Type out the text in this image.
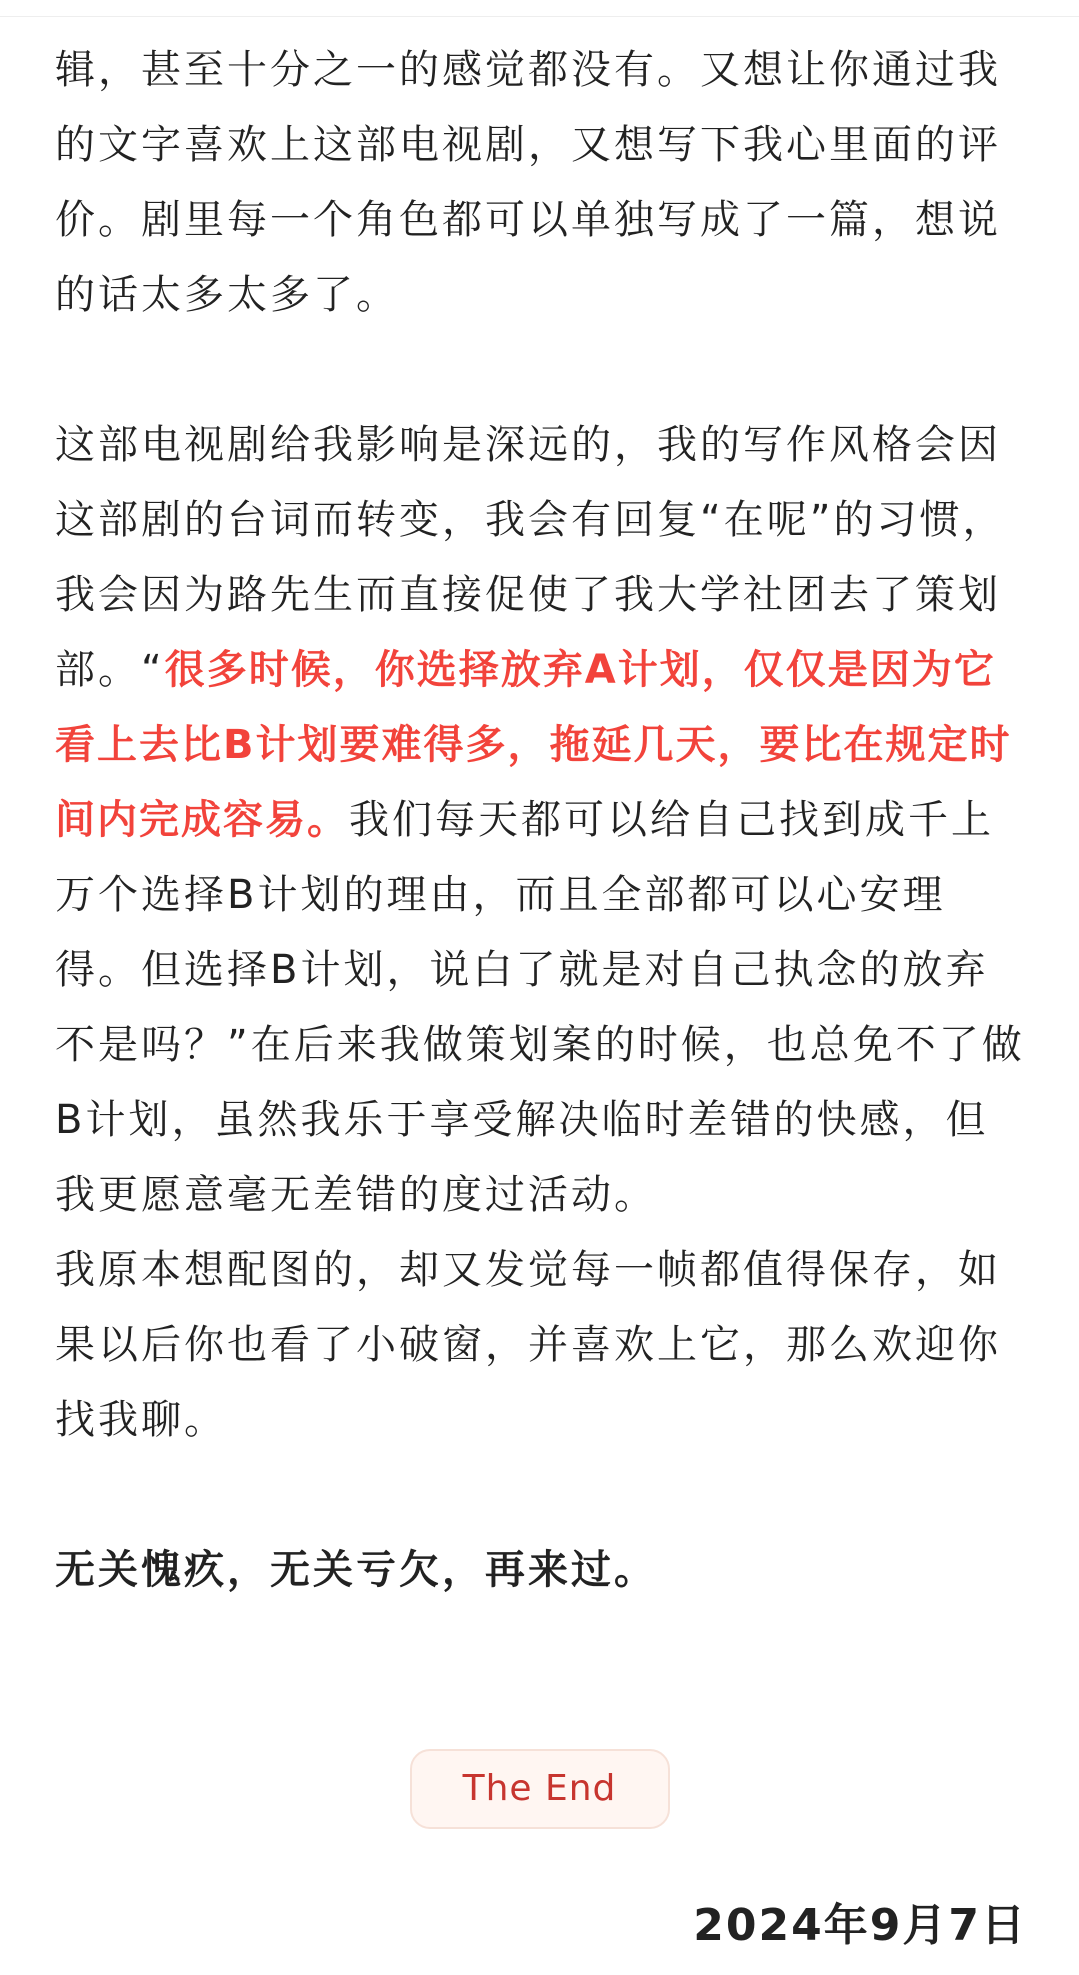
辑，甚至十分之一的感觉都没有。又想让你通过我的文字喜欢上这部电视剧，又想写下我心里面的评价。剧里每一个角色都可以单独写成了一篇，想说的话太多太多了。

这部电视剧给我影响是深远的，我的写作风格会因这部剧的台词而转变，我会有回复“在呢”的习惯，我会因为路先生而直接促使了我大学社团去了策划部。“很多时候，你选择放弃A计划，仅仅是因为它看上去比B计划要难得多，拖延几天，要比在规定时间内完成容易。我们每天都可以给自己找到成千上万个选择B计划的理由，而且全部都可以心安理得。但选择B计划，说白了就是对自己执念的放弃不是吗？”在后来我做策划案的时候，也总免不了做B计划，虽然我乐于享受解决临时差错的快感，但我更愿意毫无差错的度过活动。

我原本想配图的，却又发觉每一帧都值得保存，如果以后你也看了小破窗，并喜欢上它，那么欢迎你找我聊。

无关愧疚，无关亏欠，再来过。

The End
2024年9月7日
